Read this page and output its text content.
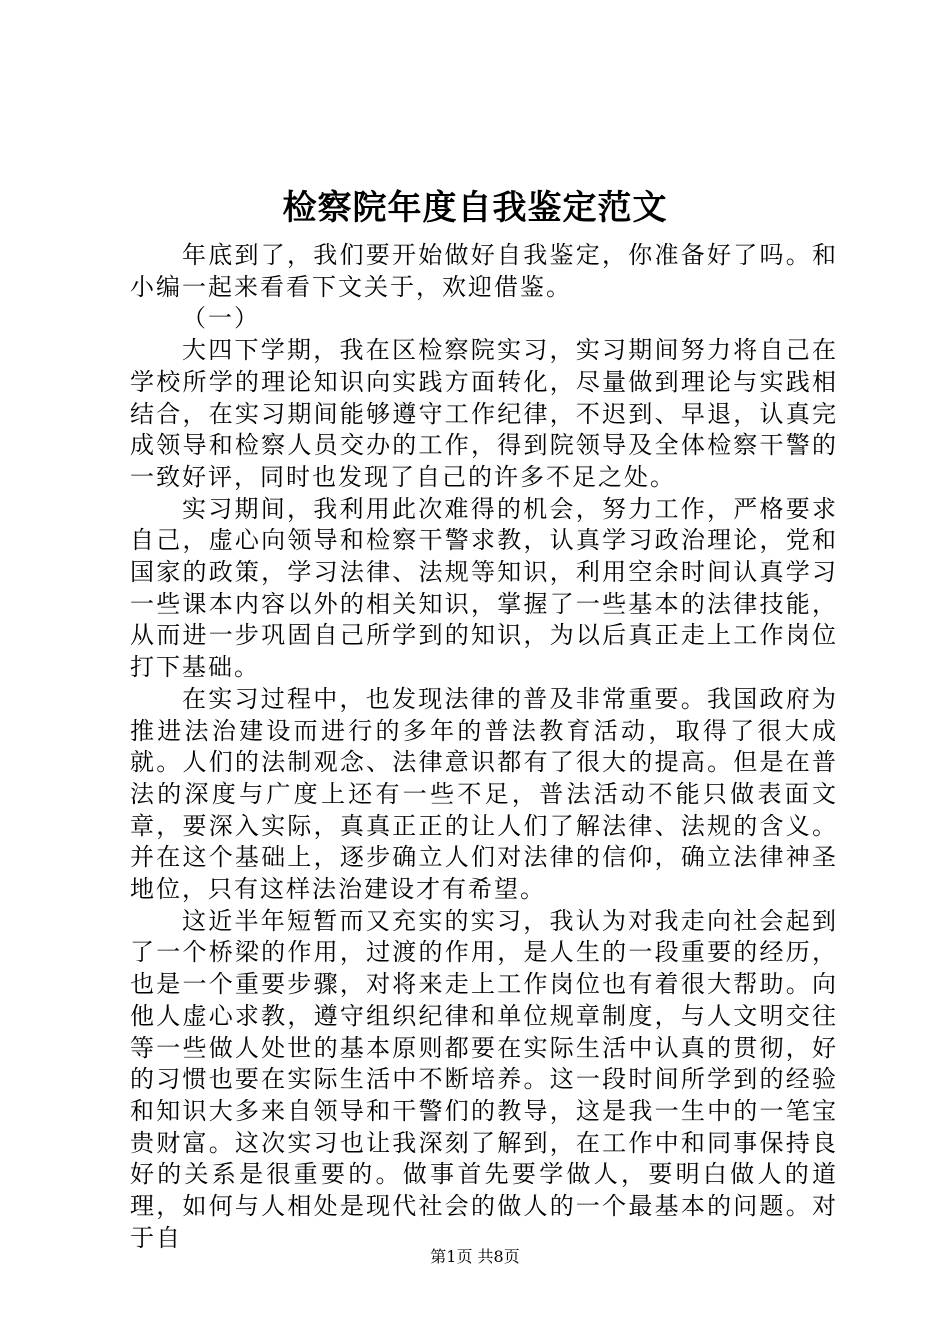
检察院年度自我鉴定范文

年底到了，我们要开始做好自我鉴定，你准备好了吗。和小编一起来看看下文关于，欢迎借鉴。

（一）

大四下学期，我在区检察院实习，实习期间努力将自己在学校所学的理论知识向实践方面转化，尽量做到理论与实践相结合，在实习期间能够遵守工作纪律，不迟到、早退，认真完成领导和检察人员交办的工作，得到院领导及全体检察干警的一致好评，同时也发现了自己的许多不足之处。

实习期间，我利用此次难得的机会，努力工作，严格要求自己，虚心向领导和检察干警求教，认真学习政治理论，党和国家的政策，学习法律、法规等知识，利用空余时间认真学习一些课本内容以外的相关知识，掌握了一些基本的法律技能，从而进一步巩固自己所学到的知识，为以后真正走上工作岗位打下基础。

在实习过程中，也发现法律的普及非常重要。我国政府为推进法治建设而进行的多年的普法教育活动，取得了很大成就。人们的法制观念、法律意识都有了很大的提高。但是在普法的深度与广度上还有一些不足，普法活动不能只做表面文章，要深入实际，真真正正的让人们了解法律、法规的含义。并在这个基础上，逐步确立人们对法律的信仰，确立法律神圣地位，只有这样法治建设才有希望。

这近半年短暂而又充实的实习，我认为对我走向社会起到了一个桥梁的作用，过渡的作用，是人生的一段重要的经历，也是一个重要步骤，对将来走上工作岗位也有着很大帮助。向他人虚心求教，遵守组织纪律和单位规章制度，与人文明交往等一些做人处世的基本原则都要在实际生活中认真的贯彻，好的习惯也要在实际生活中不断培养。这一段时间所学到的经验和知识大多来自领导和干警们的教导，这是我一生中的一笔宝贵财富。这次实习也让我深刻了解到，在工作中和同事保持良好的关系是很重要的。做事首先要学做人，要明白做人的道理，如何与人相处是现代社会的做人的一个最基本的问题。对于自

第1页 共8页
